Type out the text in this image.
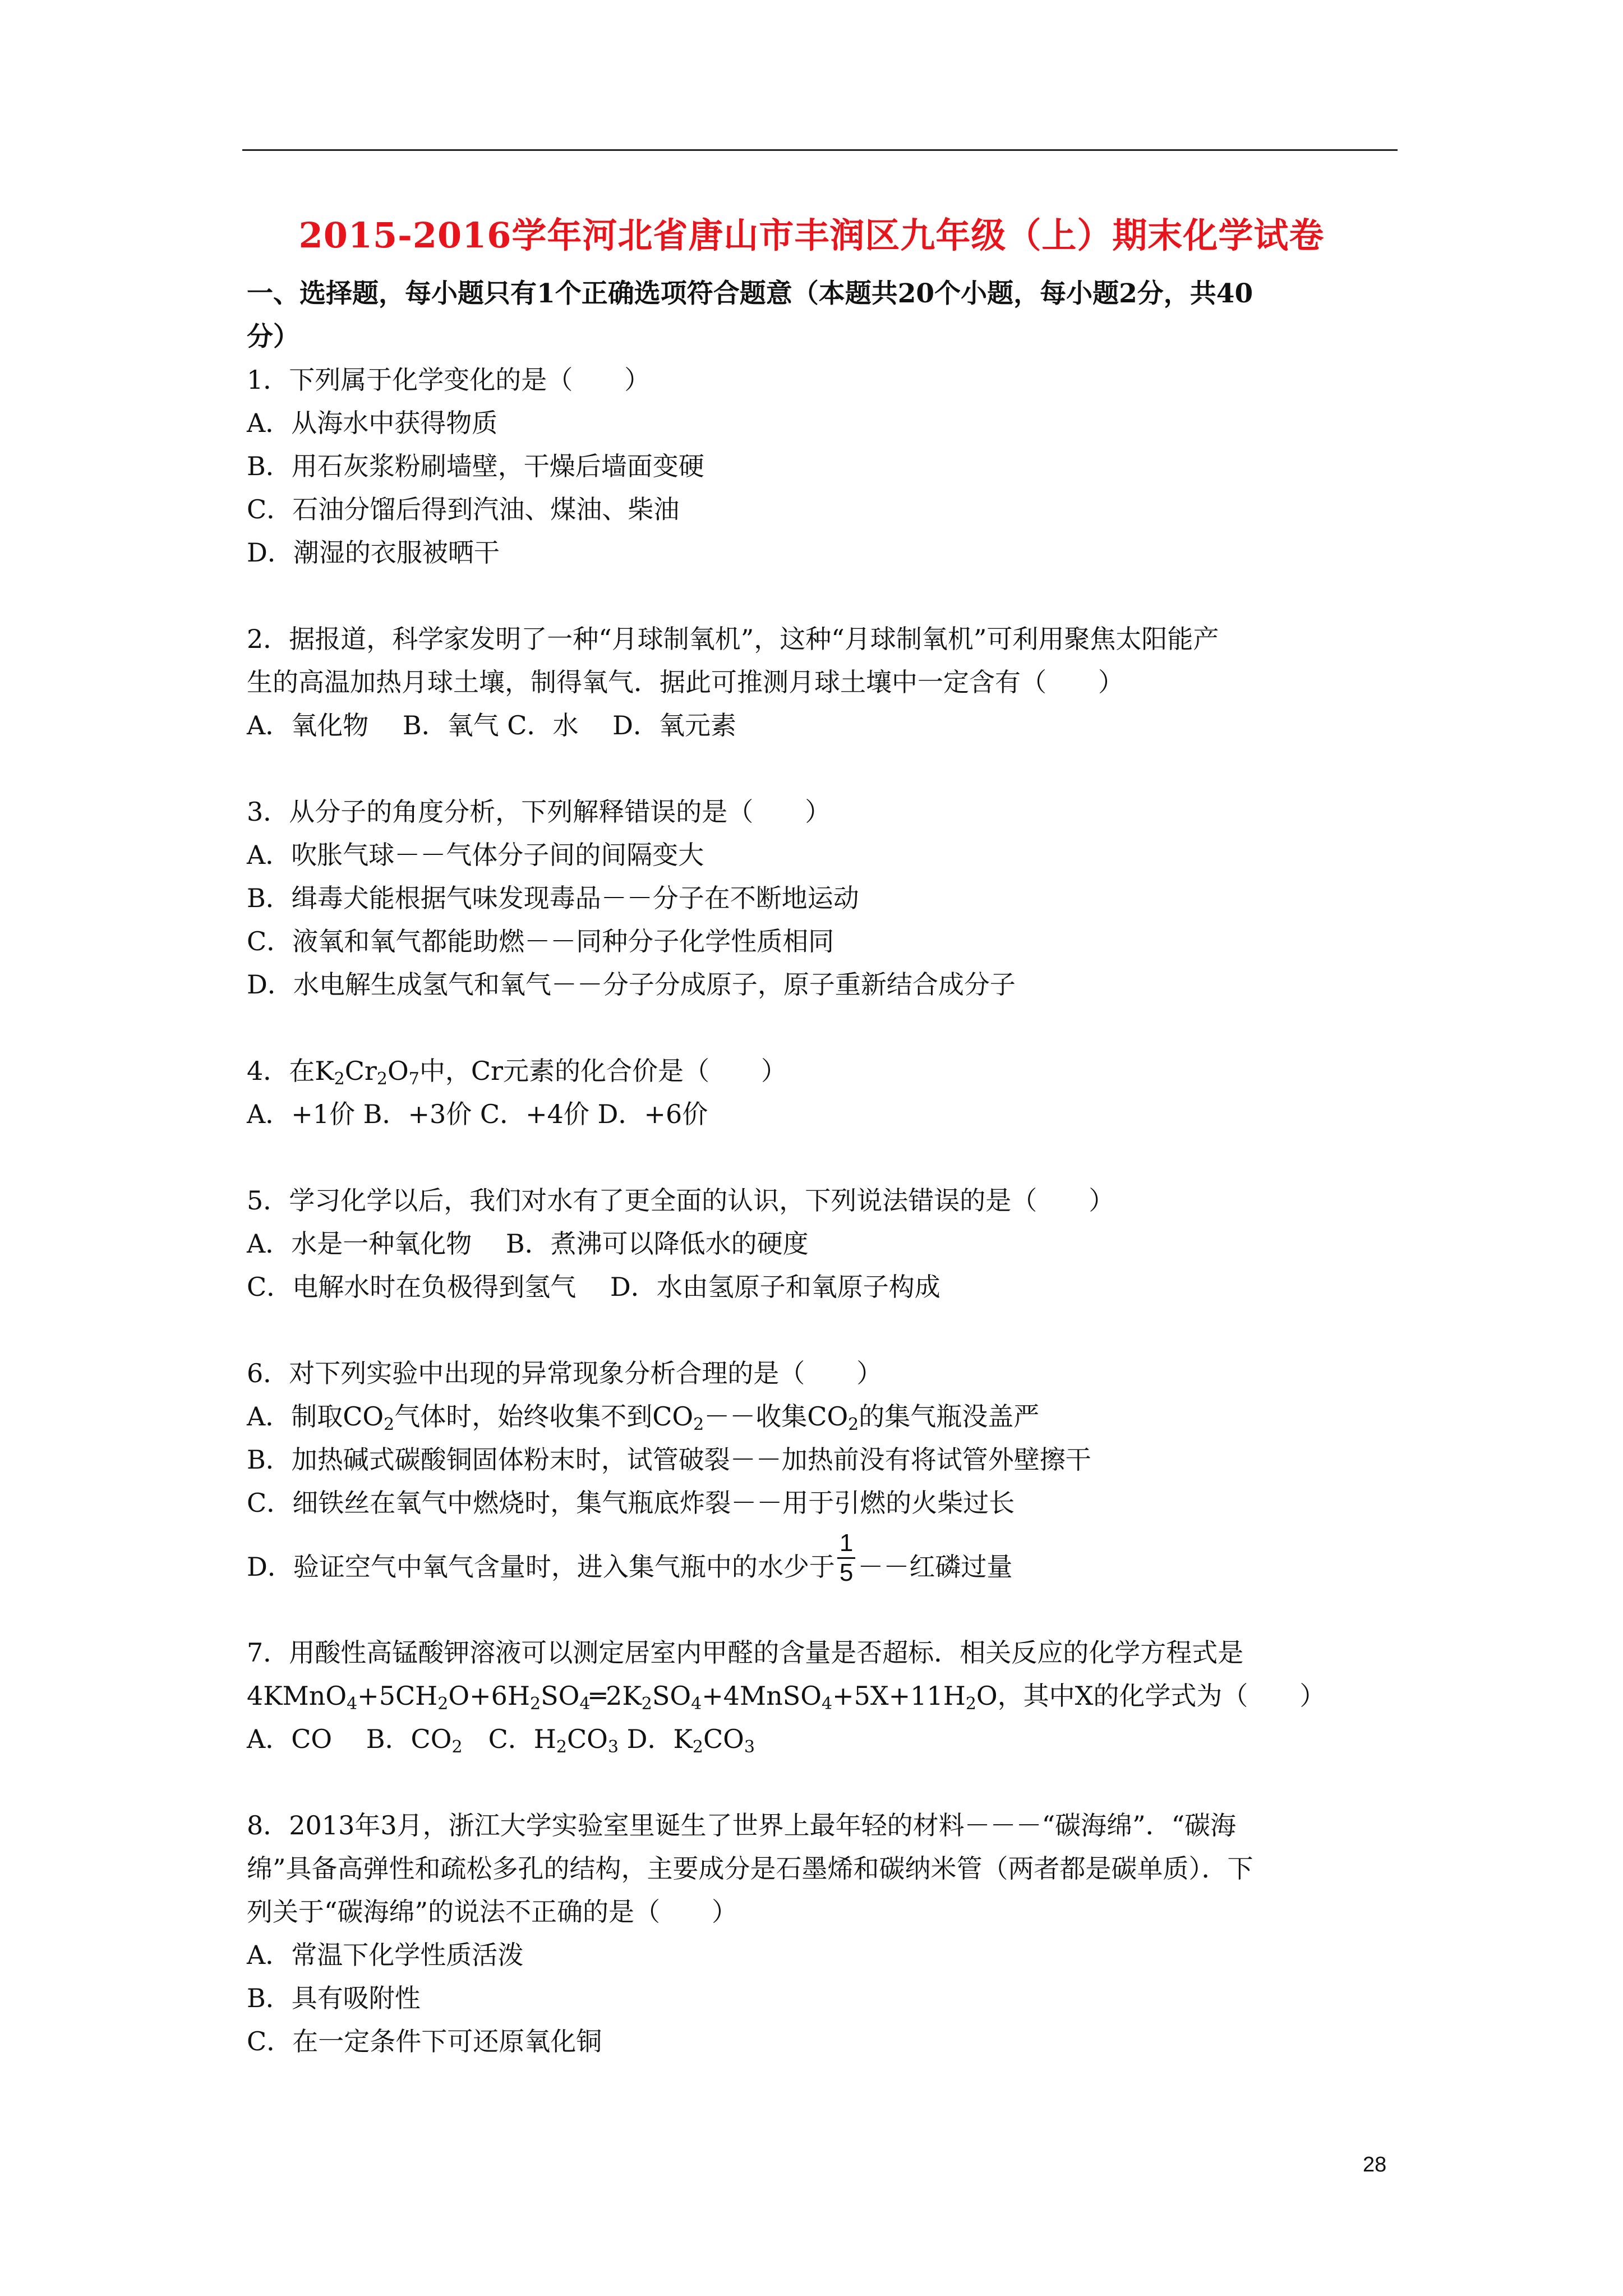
2015-2016学年河北省唐山市丰润区九年级（上）期末化学试卷
一、选择题，每小题只有1个正确选项符合题意（本题共20个小题，每小题2分，共40
分）
1．下列属于化学变化的是（　　）
A．从海水中获得物质
B．用石灰浆粉刷墙壁，干燥后墙面变硬
C．石油分馏后得到汽油、煤油、柴油
D．潮湿的衣服被晒干
2．据报道，科学家发明了一种“月球制氧机”，这种“月球制氧机”可利用聚焦太阳能产
生的高温加热月球土壤，制得氧气．据此可推测月球土壤中一定含有（　　）
A．氧化物　 B．氧气 C．水　 D．氧元素
3．从分子的角度分析，下列解释错误的是（　　）
A．吹胀气球－－气体分子间的间隔变大
B．缉毒犬能根据气味发现毒品－－分子在不断地运动
C．液氧和氧气都能助燃－－同种分子化学性质相同
D．水电解生成氢气和氧气－－分子分成原子，原子重新结合成分子
4．在$K_2Cr_2O_7$中，Cr元素的化合价是（　　）
A．+1价 B．+3价 C．+4价 D．+6价
5．学习化学以后，我们对水有了更全面的认识，下列说法错误的是（　　）
A．水是一种氧化物　 B．煮沸可以降低水的硬度
C．电解水时在负极得到氢气　 D．水由氢原子和氧原子构成
6．对下列实验中出现的异常现象分析合理的是（　　）
A．制取$CO_2$气体时，始终收集不到$CO_2--$收集$CO_2$的集气瓶没盖严
B．加热碱式碳酸铜固体粉末时，试管破裂－－加热前没有将试管外壁擦干
C．细铁丝在氧气中燃烧时，集气瓶底炸裂－－用于引燃的火柴过长
D．验证空气中氧气含量时，进入集气瓶中的水少于 $\frac{1}{5}$ －－红磷过量
7．用酸性高锰酸钾溶液可以测定居室内甲醛的含量是否超标．相关反应的化学方程式是
$4KMnO_4+5CH_2O+6H_2SO_4═2K_2SO_4+4MnSO_4+5X+11H_2O$，其中X的化学式为（　　）
A．CO　 B．$CO_2$　C．$H_2CO_3$ D．$K_2CO_3$
8．2013年3月，浙江大学实验室里诞生了世界上最年轻的材料－－－“碳海绵”．“碳海
绵”具备高弹性和疏松多孔的结构，主要成分是石墨烯和碳纳米管（两者都是碳单质）．下
列关于“碳海绵”的说法不正确的是（　　）
A．常温下化学性质活泼
B．具有吸附性
C．在一定条件下可还原氧化铜
28
